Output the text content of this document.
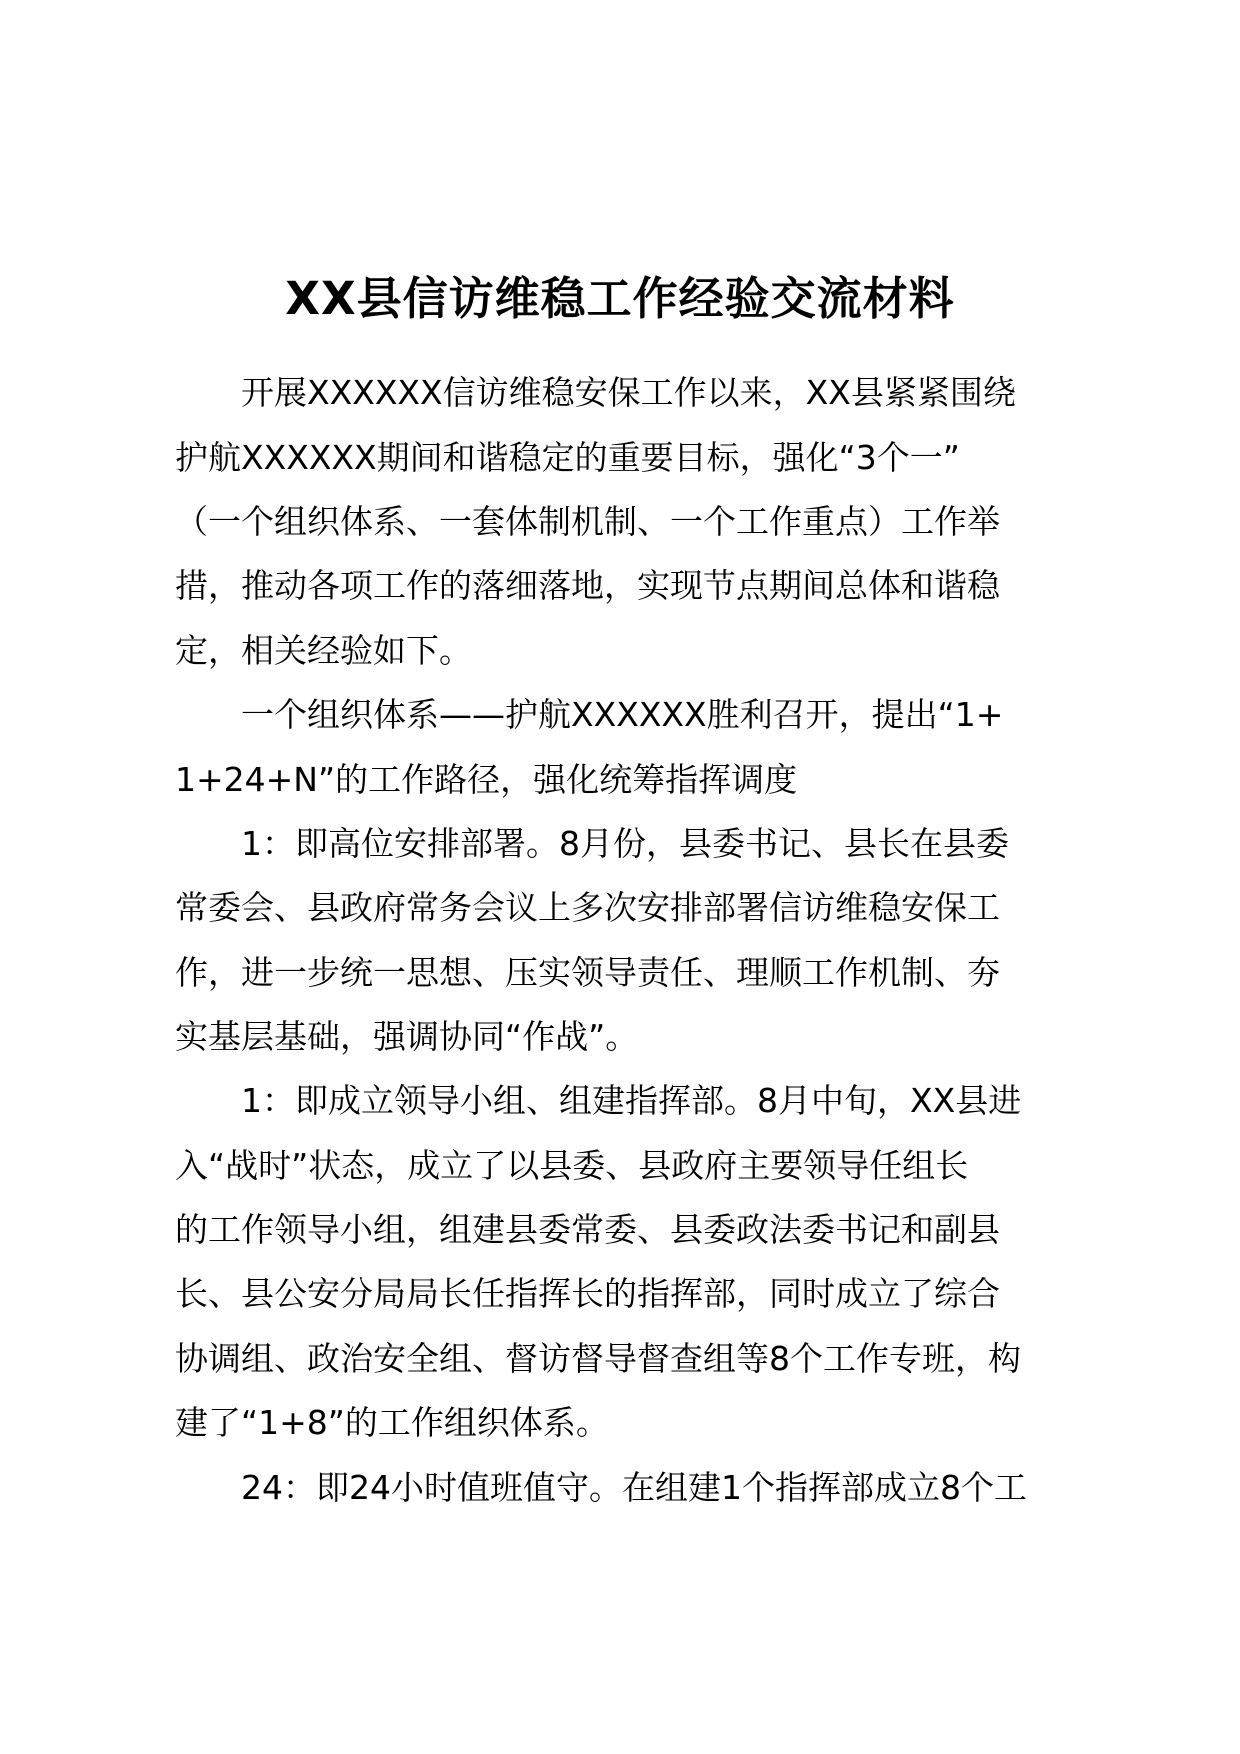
XX县信访维稳工作经验交流材料
开展XXXXXX信访维稳安保工作以来，XX县紧紧围绕
护航XXXXXX期间和谐稳定的重要目标，强化“3个一”
（一个组织体系、一套体制机制、一个工作重点）工作举
措，推动各项工作的落细落地，实现节点期间总体和谐稳
定，相关经验如下。
一个组织体系——护航XXXXXX胜利召开，提出“1+
1+24+N”的工作路径，强化统筹指挥调度
1：即高位安排部署。8月份，县委书记、县长在县委
常委会、县政府常务会议上多次安排部署信访维稳安保工
作，进一步统一思想、压实领导责任、理顺工作机制、夯
实基层基础，强调协同“作战”。
1：即成立领导小组、组建指挥部。8月中旬，XX县进
入“战时”状态，成立了以县委、县政府主要领导任组长
的工作领导小组，组建县委常委、县委政法委书记和副县
长、县公安分局局长任指挥长的指挥部，同时成立了综合
协调组、政治安全组、督访督导督查组等8个工作专班，构
建了“1+8”的工作组织体系。
24：即24小时值班值守。在组建1个指挥部成立8个工
